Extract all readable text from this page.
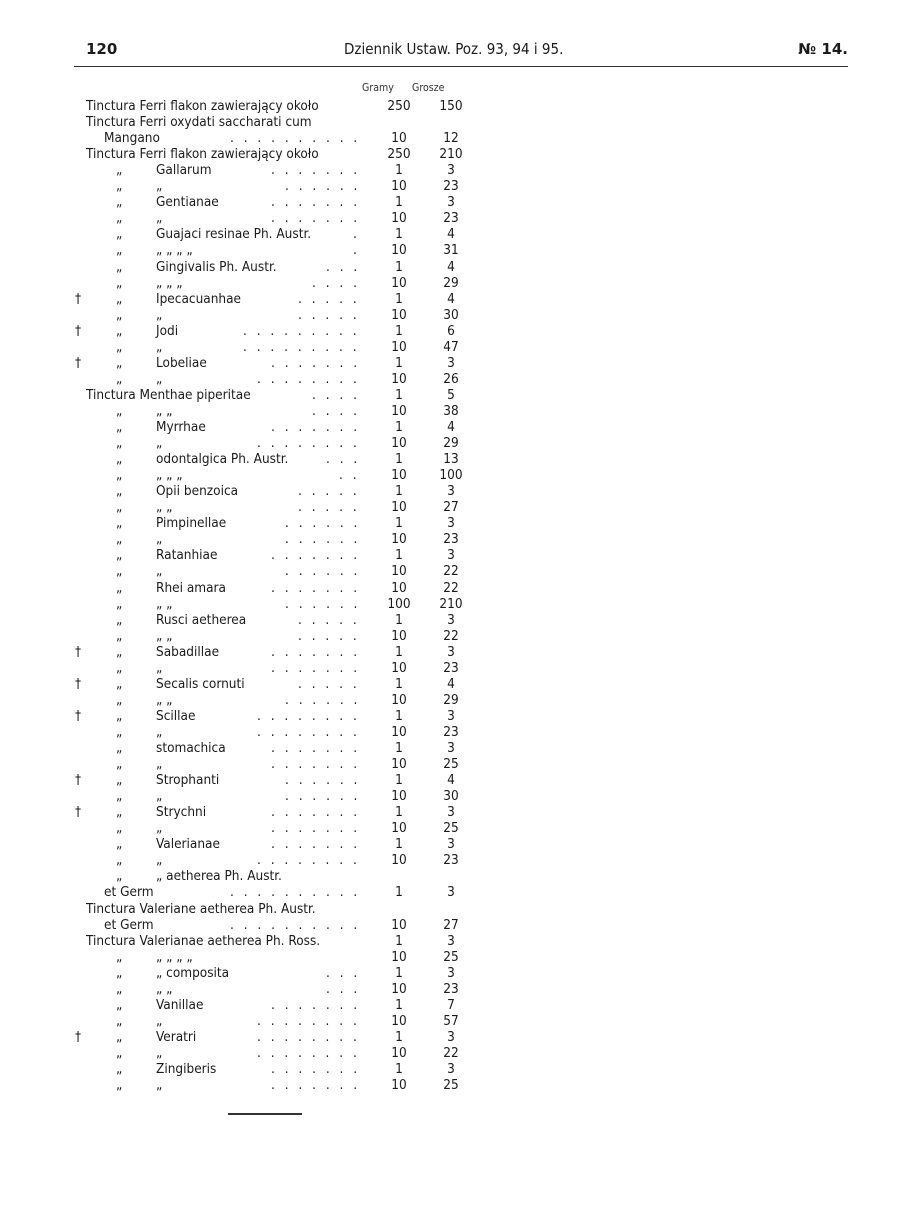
120	Dziennik Ustaw. Poz. 93, 94 i 95.	№ 14.
Gramy Grosze
Tinctura Ferri flakon zawierający około	250	150
Tinctura Ferri oxydati saccharati cum
Mangano	. . . . . . . . . .	10	12
Tinctura Ferri flakon zawierający około	250	210
„ Gallarum	. . . . . . .	1	3
„ „	. . . . . .	10	23
„ Gentianae	. . . . . . .	1	3
„ „	. . . . . . .	10	23
„ Guajaci resinae Ph. Austr.	.	1	4
„ „ „ „ „	.	10	31
„ Gingivalis Ph. Austr.	. . .	1	4
„ „ „ „	. . . .	10	29
†	„ Ipecacuanhae	. . . . .	1	4
„ „	. . . . .	10	30
†	„ Jodi	. . . . . . . . .	1	6
„ „	. . . . . . . . .	10	47
†	„ Lobeliae	. . . . . . .	1	3
„ „	. . . . . . . .	10	26
Tinctura Menthae piperitae	. . . .	1	5
„ „ „	. . . .	10	38
„ Myrrhae	. . . . . . .	1	4
„ „	. . . . . . . .	10	29
„ odontalgica Ph. Austr.	. . .	1	13
„ „ „ „	. .	10	100
„ Opii benzoica	. . . . .	1	3
„ „ „	. . . . .	10	27
„ Pimpinellae	. . . . . .	1	3
„ „	. . . . . .	10	23
„ Ratanhiae	. . . . . . .	1	3
„ „	. . . . . .	10	22
„ Rhei amara	. . . . . . .	10	22
„ „ „	. . . . . .	100	210
„ Rusci aetherea	. . . . .	1	3
„ „ „	. . . . .	10	22
†	„ Sabadillae	. . . . . . .	1	3
„ „	. . . . . . .	10	23
†	„ Secalis cornuti	. . . . .	1	4
„ „ „	. . . . . .	10	29
†	„ Scillae	. . . . . . . .	1	3
„ „	. . . . . . . .	10	23
„ stomachica	. . . . . . .	1	3
„ „	. . . . . . .	10	25
†	„ Strophanti	. . . . . .	1	4
„ „	. . . . . .	10	30
†	„ Strychni	. . . . . . .	1	3
„ „	. . . . . . .	10	25
„ Valerianae	. . . . . . .	1	3
„ „	. . . . . . . .	10	23
„ „ aetherea Ph. Austr.
et Germ	. . . . . . . . . .	1	3
Tinctura Valeriane aetherea Ph. Austr.
et Germ	. . . . . . . . . .	10	27
Tinctura Valerianae aetherea Ph. Ross.	1	3
„ „ „ „ „	10	25
„ „ composita	. . .	1	3
„ „ „	. . .	10	23
„ Vanillae	. . . . . . .	1	7
„ „	. . . . . . . .	10	57
†	„ Veratri	. . . . . . . .	1	3
„ „	. . . . . . . .	10	22
„ Zingiberis	. . . . . . .	1	3
„ „	. . . . . . .	10	25
